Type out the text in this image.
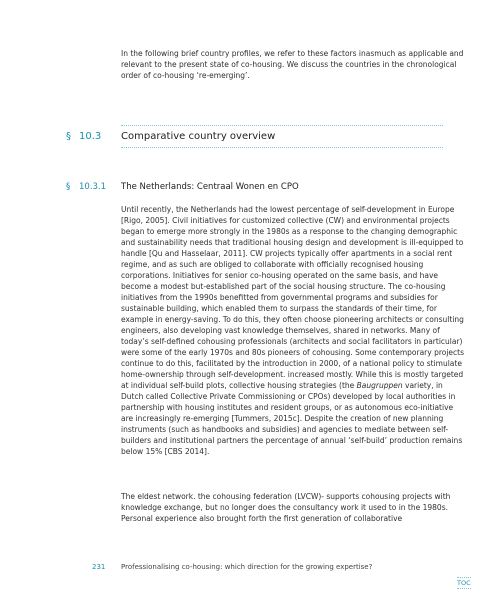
In the following brief country profiles, we refer to these factors inasmuch as applicable and relevant to the present state of co-housing. We discuss the countries in the chronological order of co-housing ‘re-emerging’.

§ 10.3 Comparative country overview
§ 10.3.1 The Netherlands: Centraal Wonen en CPO

Until recently, the Netherlands had the lowest percentage of self-development in Europe [Rigo, 2005]. Civil initiatives for customized collective (CW) and environmental projects began to emerge more strongly in the 1980s as a response to the changing demographic and sustainability needs that traditional housing design and development is ill-equipped to handle [Qu and Hasselaar, 2011]. CW projects typically offer apartments in a social rent regime, and as such are obliged to collaborate with officially recognised housing corporations. Initiatives for senior co-housing operated on the same basis, and have become a modest but-established part of the social housing structure. The co-housing initiatives from the 1990s benefitted from governmental programs and subsidies for sustainable building, which enabled them to surpass the standards of their time, for example in energy-saving. To do this, they often choose pioneering architects or consulting engineers, also developing vast knowledge themselves, shared in networks. Many of today’s self-defined cohousing professionals (architects and social facilitators in particular) were some of the early 1970s and 80s pioneers of cohousing. Some contemporary projects continue to do this, facilitated by the introduction in 2000, of a national policy to stimulate home-ownership through self-development. increased mostly. While this is mostly targeted at individual self-build plots, collective housing strategies (the Baugruppen variety, in Dutch called Collective Private Commissioning or CPOs) developed by local authorities in partnership with housing institutes and resident groups, or as autonomous eco-initiative are increasingly re-emerging [Tummers, 2015c]. Despite the creation of new planning instruments (such as handbooks and subsidies) and agencies to mediate between self-builders and institutional partners the percentage of annual ‘self-build’ production remains below 15% [CBS 2014].

The eldest network. the cohousing federation (LVCW)- supports cohousing projects with knowledge exchange, but no longer does the consultancy work it used to in the 1980s. Personal experience also brought forth the first generation of collaborative

231 Professionalising co-housing: which direction for the growing expertise?
TOC
